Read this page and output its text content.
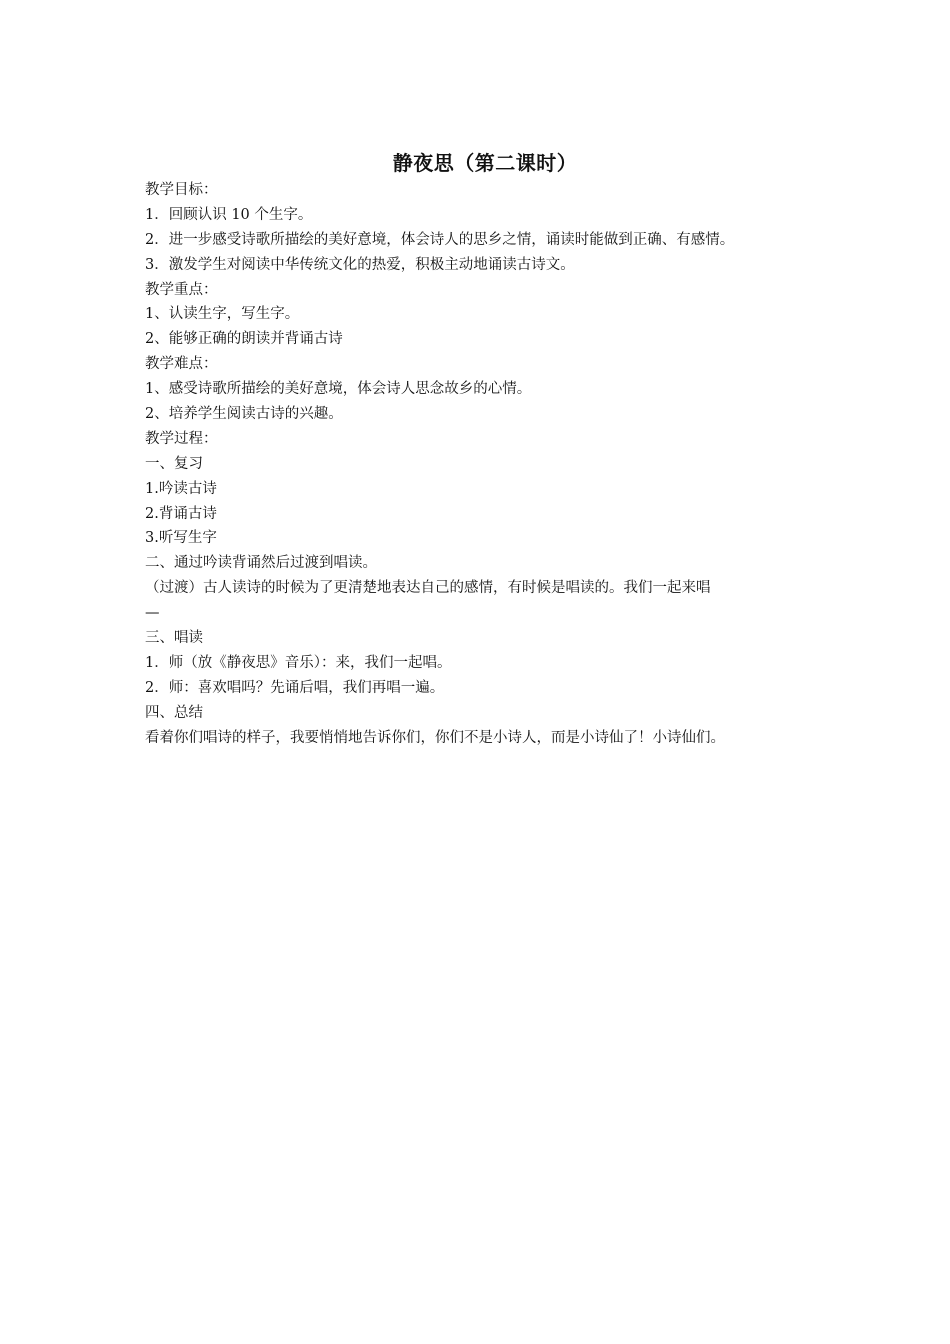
静夜思（第二课时）
教学目标：
1．回顾认识 10 个生字。
2．进一步感受诗歌所描绘的美好意境，体会诗人的思乡之情，诵读时能做到正确、有感情。
3．激发学生对阅读中华传统文化的热爱，积极主动地诵读古诗文。
教学重点：
1、认读生字，写生字。
2、能够正确的朗读并背诵古诗
教学难点：
1、感受诗歌所描绘的美好意境，体会诗人思念故乡的心情。
2、培养学生阅读古诗的兴趣。
教学过程：
一、复习
1.吟读古诗
2.背诵古诗
3.听写生字
二、通过吟读背诵然后过渡到唱读。
（过渡）古人读诗的时候为了更清楚地表达自己的感情，有时候是唱读的。我们一起来唱
—
三、唱读
1．师（放《静夜思》音乐）：来，我们一起唱。
2．师：喜欢唱吗？先诵后唱，我们再唱一遍。
四、总结
看着你们唱诗的样子，我要悄悄地告诉你们，你们不是小诗人，而是小诗仙了！小诗仙们。
